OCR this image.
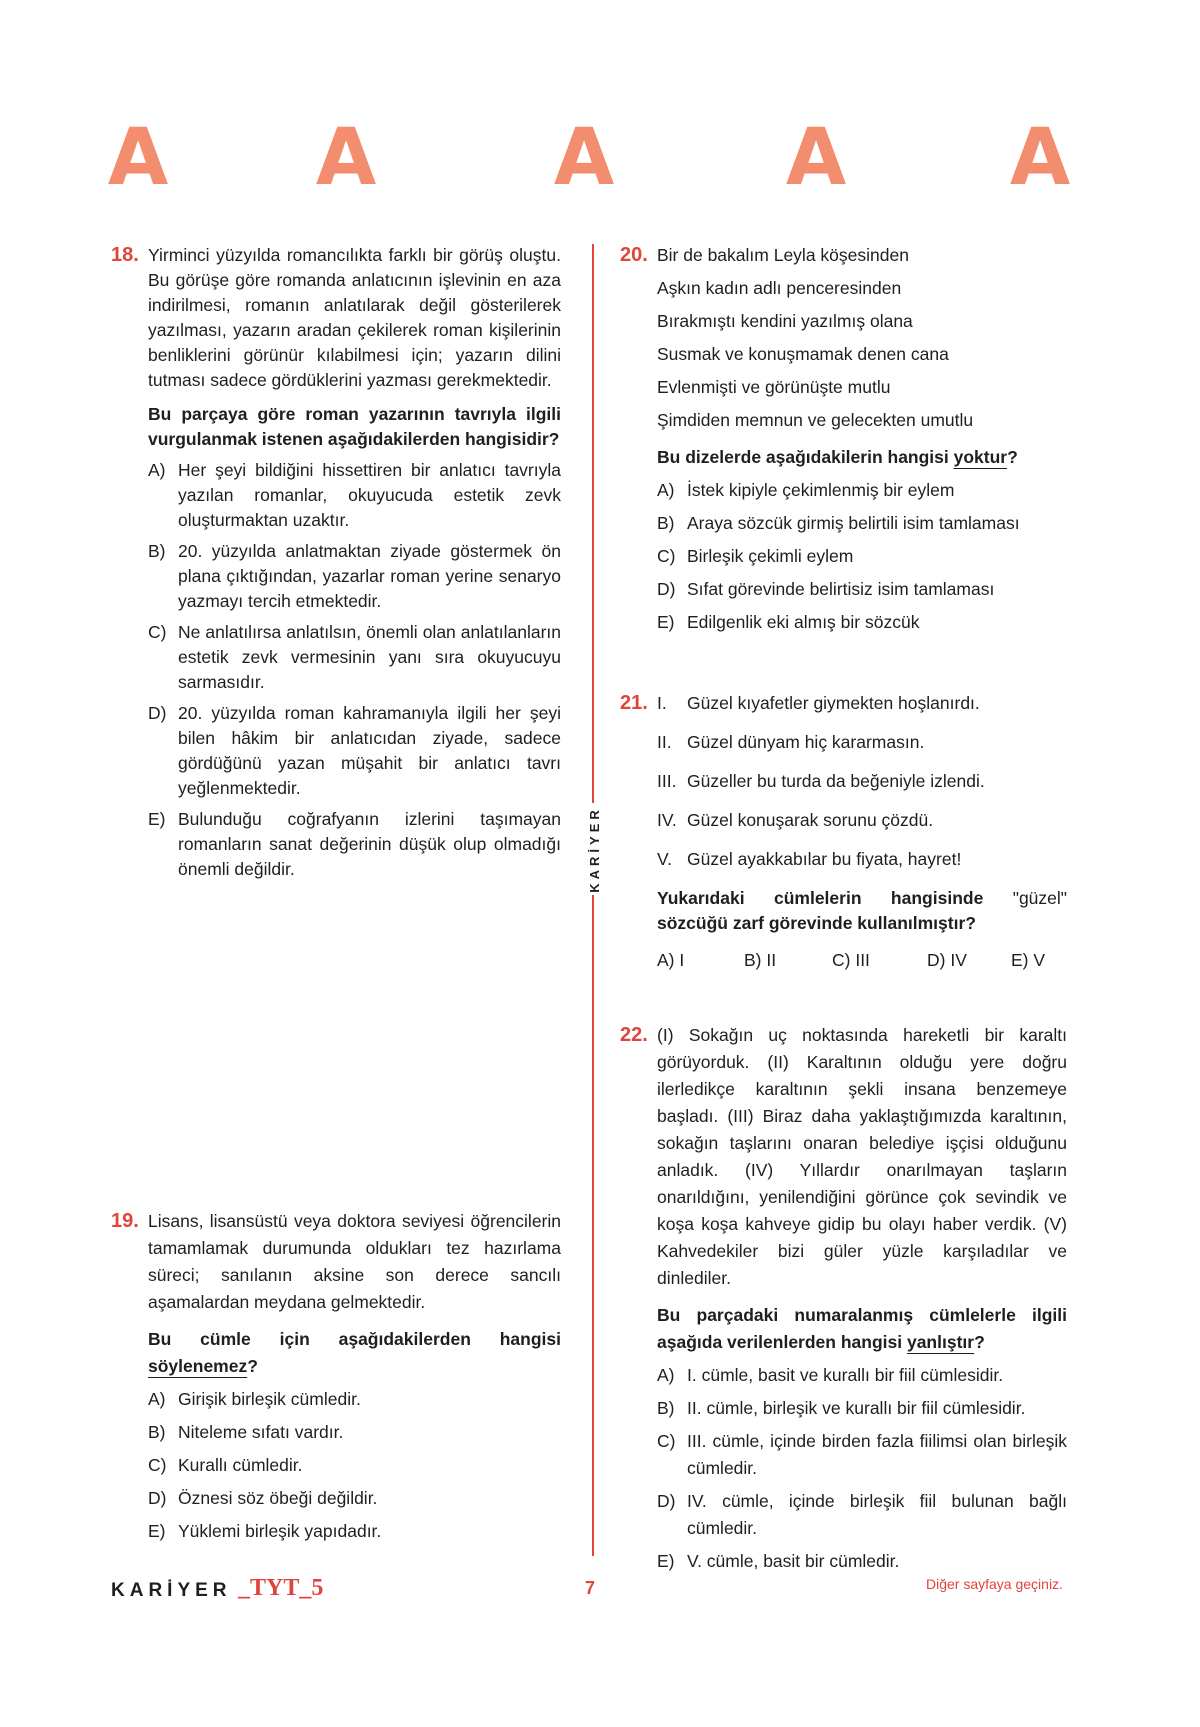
A A A A A
KARİYER
18. Yirminci yüzyılda romancılıkta farklı bir görüş oluştu. Bu görüşe göre romanda anlatıcının işlevinin en aza indirilmesi, romanın anlatılarak değil gösterilerek yazılması, yazarın aradan çekilerek roman kişilerinin benliklerini görünür kılabilmesi için; yazarın dilini tutması sadece gördüklerini yazması gerekmektedir.
Bu parçaya göre roman yazarının tavrıyla ilgili vurgulanmak istenen aşağıdakilerden hangisidir?
A) Her şeyi bildiğini hissettiren bir anlatıcı tavrıyla yazılan romanlar, okuyucuda estetik zevk oluşturmaktan uzaktır.
B) 20. yüzyılda anlatmaktan ziyade göstermek ön plana çıktığından, yazarlar roman yerine senaryo yazmayı tercih etmektedir.
C) Ne anlatılırsa anlatılsın, önemli olan anlatılanların estetik zevk vermesinin yanı sıra okuyucuyu sarmasıdır.
D) 20. yüzyılda roman kahramanıyla ilgili her şeyi bilen hâkim bir anlatıcıdan ziyade, sadece gördüğünü yazan müşahit bir anlatıcı tavrı yeğlenmektedir.
E) Bulunduğu coğrafyanın izlerini taşımayan romanların sanat değerinin düşük olup olmadığı önemli değildir.
19. Lisans, lisansüstü veya doktora seviyesi öğrencilerin tamamlamak durumunda oldukları tez hazırlama süreci; sanılanın aksine son derece sancılı aşamalardan meydana gelmektedir.
Bu cümle için aşağıdakilerden hangisi söylenemez?
A) Girişik birleşik cümledir.
B) Niteleme sıfatı vardır.
C) Kurallı cümledir.
D) Öznesi söz öbeği değildir.
E) Yüklemi birleşik yapıdadır.
20. Bir de bakalım Leyla köşesinden
Aşkın kadın adlı penceresinden
Bırakmıştı kendini yazılmış olana
Susmak ve konuşmamak denen cana
Evlenmişti ve görünüşte mutlu
Şimdiden memnun ve gelecekten umutlu
Bu dizelerde aşağıdakilerin hangisi yoktur?
A) İstek kipiyle çekimlenmiş bir eylem
B) Araya sözcük girmiş belirtili isim tamlaması
C) Birleşik çekimli eylem
D) Sıfat görevinde belirtisiz isim tamlaması
E) Edilgenlik eki almış bir sözcük
21. I. Güzel kıyafetler giymekten hoşlanırdı.
II. Güzel dünyam hiç kararmasın.
III. Güzeller bu turda da beğeniyle izlendi.
IV. Güzel konuşarak sorunu çözdü.
V. Güzel ayakkabılar bu fiyata, hayret!
Yukarıdaki cümlelerin hangisinde "güzel" sözcüğü zarf görevinde kullanılmıştır?
A) I	B) II	C) III	D) IV	E) V
22. (I) Sokağın uç noktasında hareketli bir karaltı görüyorduk. (II) Karaltının olduğu yere doğru ilerledikçe karaltının şekli insana benzemeye başladı. (III) Biraz daha yaklaştığımızda karaltının, sokağın taşlarını onaran belediye işçisi olduğunu anladık. (IV) Yıllardır onarılmayan taşların onarıldığını, yenilendiğini görünce çok sevindik ve koşa koşa kahveye gidip bu olayı haber verdik. (V) Kahvedekiler bizi güler yüzle karşıladılar ve dinlediler.
Bu parçadaki numaralanmış cümlelerle ilgili aşağıda verilenlerden hangisi yanlıştır?
A) I. cümle, basit ve kurallı bir fiil cümlesidir.
B) II. cümle, birleşik ve kurallı bir fiil cümlesidir.
C) III. cümle, içinde birden fazla fiilimsi olan birleşik cümledir.
D) IV. cümle, içinde birleşik fiil bulunan bağlı cümledir.
E) V. cümle, basit bir cümledir.
KARİYER _TYT_5	7	Diğer sayfaya geçiniz.
